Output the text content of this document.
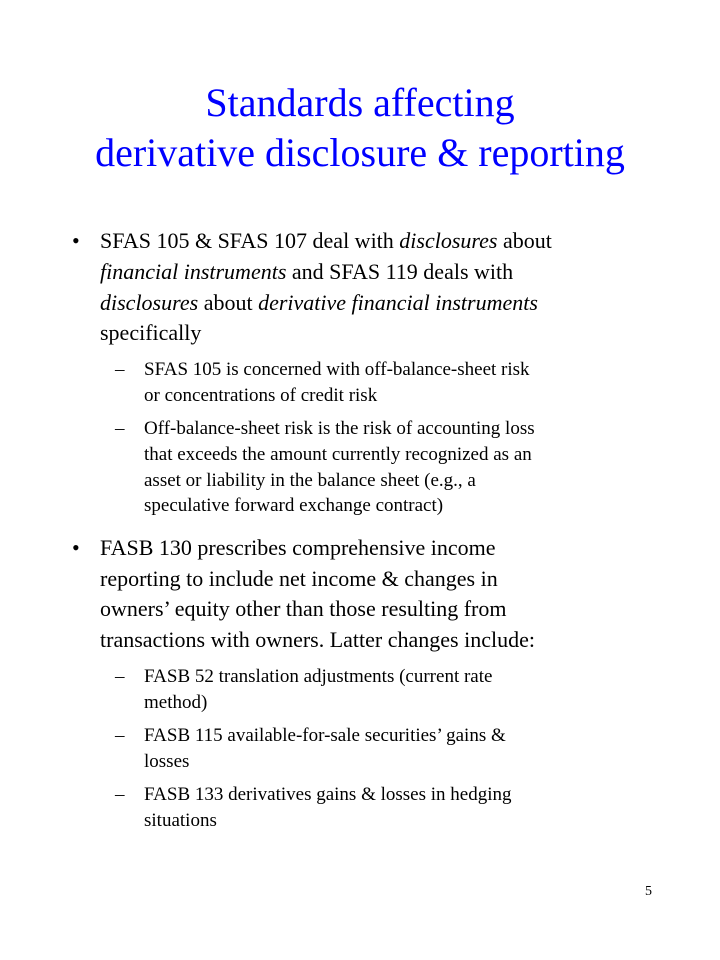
Standards affecting
derivative disclosure & reporting
• SFAS 105 & SFAS 107 deal with disclosures about
financial instruments and SFAS 119 deals with
disclosures about derivative financial instruments
specifically
– SFAS 105 is concerned with off-balance-sheet risk
or concentrations of credit risk
– Off-balance-sheet risk is the risk of accounting loss
that exceeds the amount currently recognized as an
asset or liability in the balance sheet (e.g., a
speculative forward exchange contract)
• FASB 130 prescribes comprehensive income
reporting to include net income & changes in
owners’ equity other than those resulting from
transactions with owners. Latter changes include:
– FASB 52 translation adjustments (current rate
method)
– FASB 115 available-for-sale securities’ gains &
losses
– FASB 133 derivatives gains & losses in hedging
situations
5
